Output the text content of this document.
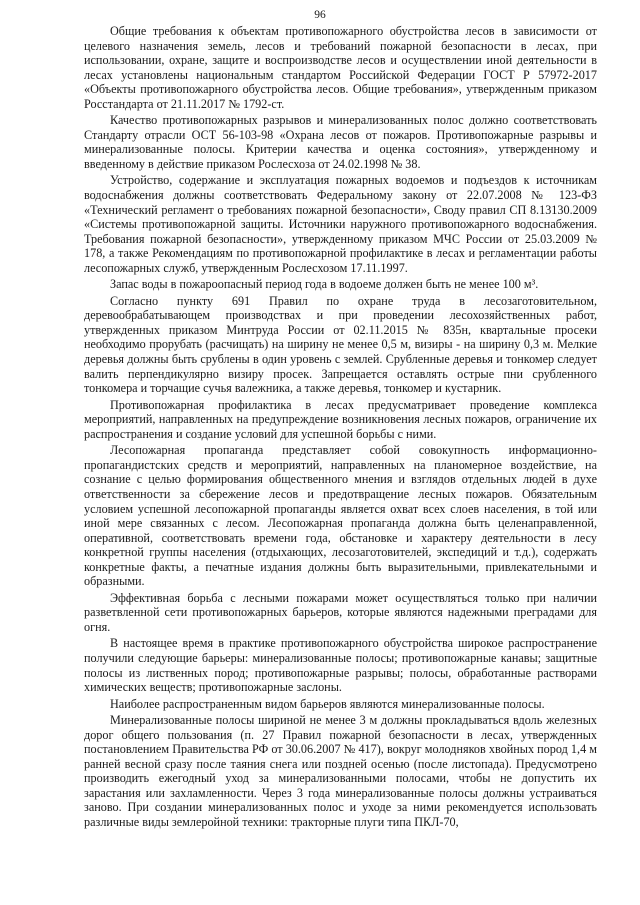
96

Общие требования к объектам противопожарного обустройства лесов в зависимости от целевого назначения земель, лесов и требований пожарной безопасности в лесах, при использовании, охране, защите и воспроизводстве лесов и осуществлении иной деятельности в лесах установлены национальным стандартом Российской Федерации ГОСТ Р 57972-2017 «Объекты противопожарного обустройства лесов. Общие требования», утвержденным приказом Росстандарта от 21.11.2017 № 1792-ст.

Качество противопожарных разрывов и минерализованных полос должно соответствовать Стандарту отрасли ОСТ 56-103-98 «Охрана лесов от пожаров. Противопожарные разрывы и минерализованные полосы. Критерии качества и оценка состояния», утвержденному и введенному в действие приказом Рослесхоза от 24.02.1998 № 38.

Устройство, содержание и эксплуатация пожарных водоемов и подъездов к источникам водоснабжения должны соответствовать Федеральному закону от 22.07.2008 № 123-ФЗ «Технический регламент о требованиях пожарной безопасности», Своду правил СП 8.13130.2009 «Системы противопожарной защиты. Источники наружного противопожарного водоснабжения. Требования пожарной безопасности», утвержденному приказом МЧС России от 25.03.2009 № 178, а также Рекомендациям по противопожарной профилактике в лесах и регламентации работы лесопожарных служб, утвержденным Рослесхозом 17.11.1997.

Запас воды в пожароопасный период года в водоеме должен быть не менее 100 м³.

Согласно пункту 691 Правил по охране труда в лесозаготовительном, деревообрабатывающем производствах и при проведении лесохозяйственных работ, утвержденных приказом Минтруда России от 02.11.2015 № 835н, квартальные просеки необходимо прорубать (расчищать) на ширину не менее 0,5 м, визиры - на ширину 0,3 м. Мелкие деревья должны быть срублены в один уровень с землей. Срубленные деревья и тонкомер следует валить перпендикулярно визиру просек. Запрещается оставлять острые пни срубленного тонкомера и торчащие сучья валежника, а также деревья, тонкомер и кустарник.

Противопожарная профилактика в лесах предусматривает проведение комплекса мероприятий, направленных на предупреждение возникновения лесных пожаров, ограничение их распространения и создание условий для успешной борьбы с ними.

Лесопожарная пропаганда представляет собой совокупность информационно-пропагандистских средств и мероприятий, направленных на планомерное воздействие, на сознание с целью формирования общественного мнения и взглядов отдельных людей в духе ответственности за сбережение лесов и предотвращение лесных пожаров. Обязательным условием успешной лесопожарной пропаганды является охват всех слоев населения, в той или иной мере связанных с лесом. Лесопожарная пропаганда должна быть целенаправленной, оперативной, соответствовать времени года, обстановке и характеру деятельности в лесу конкретной группы населения (отдыхающих, лесозаготовителей, экспедиций и т.д.), содержать конкретные факты, а печатные издания должны быть выразительными, привлекательными и образными.

Эффективная борьба с лесными пожарами может осуществляться только при наличии разветвленной сети противопожарных барьеров, которые являются надежными преградами для огня.

В настоящее время в практике противопожарного обустройства широкое распространение получили следующие барьеры: минерализованные полосы; противопожарные канавы; защитные полосы из лиственных пород; противопожарные разрывы; полосы, обработанные растворами химических веществ; противопожарные заслоны.

Наиболее распространенным видом барьеров являются минерализованные полосы.

Минерализованные полосы шириной не менее 3 м должны прокладываться вдоль железных дорог общего пользования (п. 27 Правил пожарной безопасности в лесах, утвержденных постановлением Правительства РФ от 30.06.2007 № 417), вокруг молодняков хвойных пород 1,4 м ранней весной сразу после таяния снега или поздней осенью (после листопада). Предусмотрено производить ежегодный уход за минерализованными полосами, чтобы не допустить их зарастания или захламленности. Через 3 года минерализованные полосы должны устраиваться заново. При создании минерализованных полос и уходе за ними рекомендуется использовать различные виды землеройной техники: тракторные плуги типа ПКЛ-70,
